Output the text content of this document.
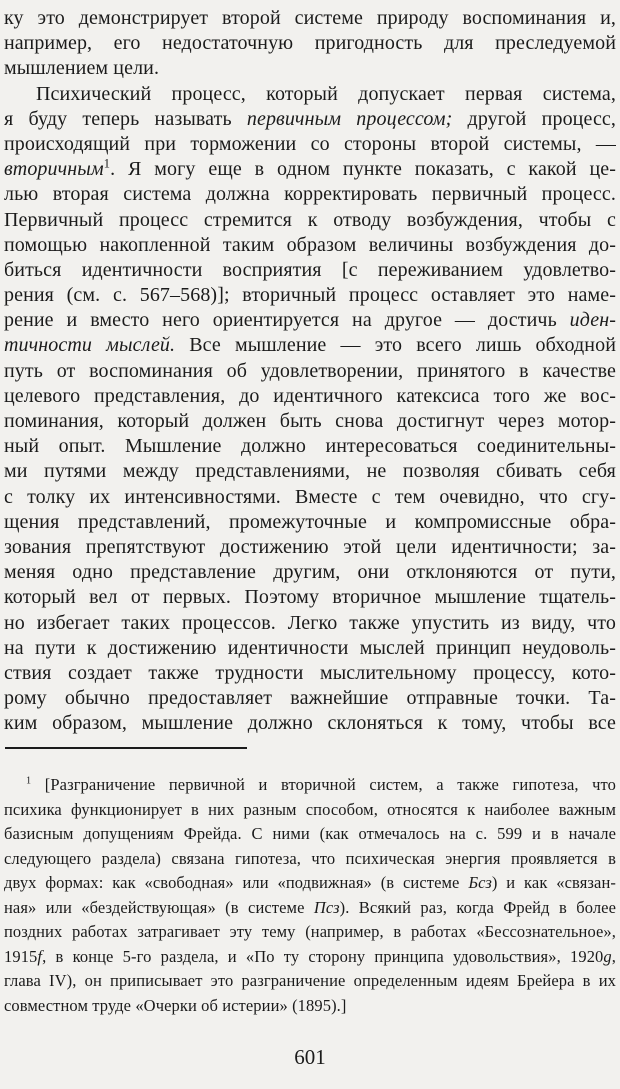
ку это демонстрирует второй системе природу воспоминания и,
например, его недостаточную пригодность для преследуемой
мышлением цели.
Психический процесс, который допускает первая система,
я буду теперь называть первичным процессом; другой процесс,
происходящий при торможении со стороны второй системы, —
вторичным$^1$. Я могу еще в одном пункте показать, с какой це-
лью вторая система должна корректировать первичный процесс.
Первичный процесс стремится к отводу возбуждения, чтобы с
помощью накопленной таким образом величины возбуждения до-
биться идентичности восприятия [с переживанием удовлетво-
рения (см. с. 567–568)]; вторичный процесс оставляет это наме-
рение и вместо него ориентируется на другое — достичь иден-
тичности мыслей. Все мышление — это всего лишь обходной
путь от воспоминания об удовлетворении, принятого в качестве
целевого представления, до идентичного катексиса того же вос-
поминания, который должен быть снова достигнут через мотор-
ный опыт. Мышление должно интересоваться соединительны-
ми путями между представлениями, не позволяя сбивать себя
с толку их интенсивностями. Вместе с тем очевидно, что сгу-
щения представлений, промежуточные и компромиссные обра-
зования препятствуют достижению этой цели идентичности; за-
меняя одно представление другим, они отклоняются от пути,
который вел от первых. Поэтому вторичное мышление тщатель-
но избегает таких процессов. Легко также упустить из виду, что
на пути к достижению идентичности мыслей принцип неудоволь-
ствия создает также трудности мыслительному процессу, кото-
рому обычно предоставляет важнейшие отправные точки. Та-
ким образом, мышление должно склоняться к тому, чтобы все
$^1$ [Разграничение первичной и вторичной систем, а также гипотеза, что
психика функционирует в них разным способом, относятся к наиболее важным
базисным допущениям Фрейда. С ними (как отмечалось на с. 599 и в начале
следующего раздела) связана гипотеза, что психическая энергия проявляется в
двух формах: как «свободная» или «подвижная» (в системе Бсз) и как «связан-
ная» или «бездействующая» (в системе Псз). Всякий раз, когда Фрейд в более
поздних работах затрагивает эту тему (например, в работах «Бессознательное»,
1915f, в конце 5-го раздела, и «По ту сторону принципа удовольствия», 1920g,
глава IV), он приписывает это разграничение определенным идеям Брейера в их
совместном труде «Очерки об истерии» (1895).]
601
